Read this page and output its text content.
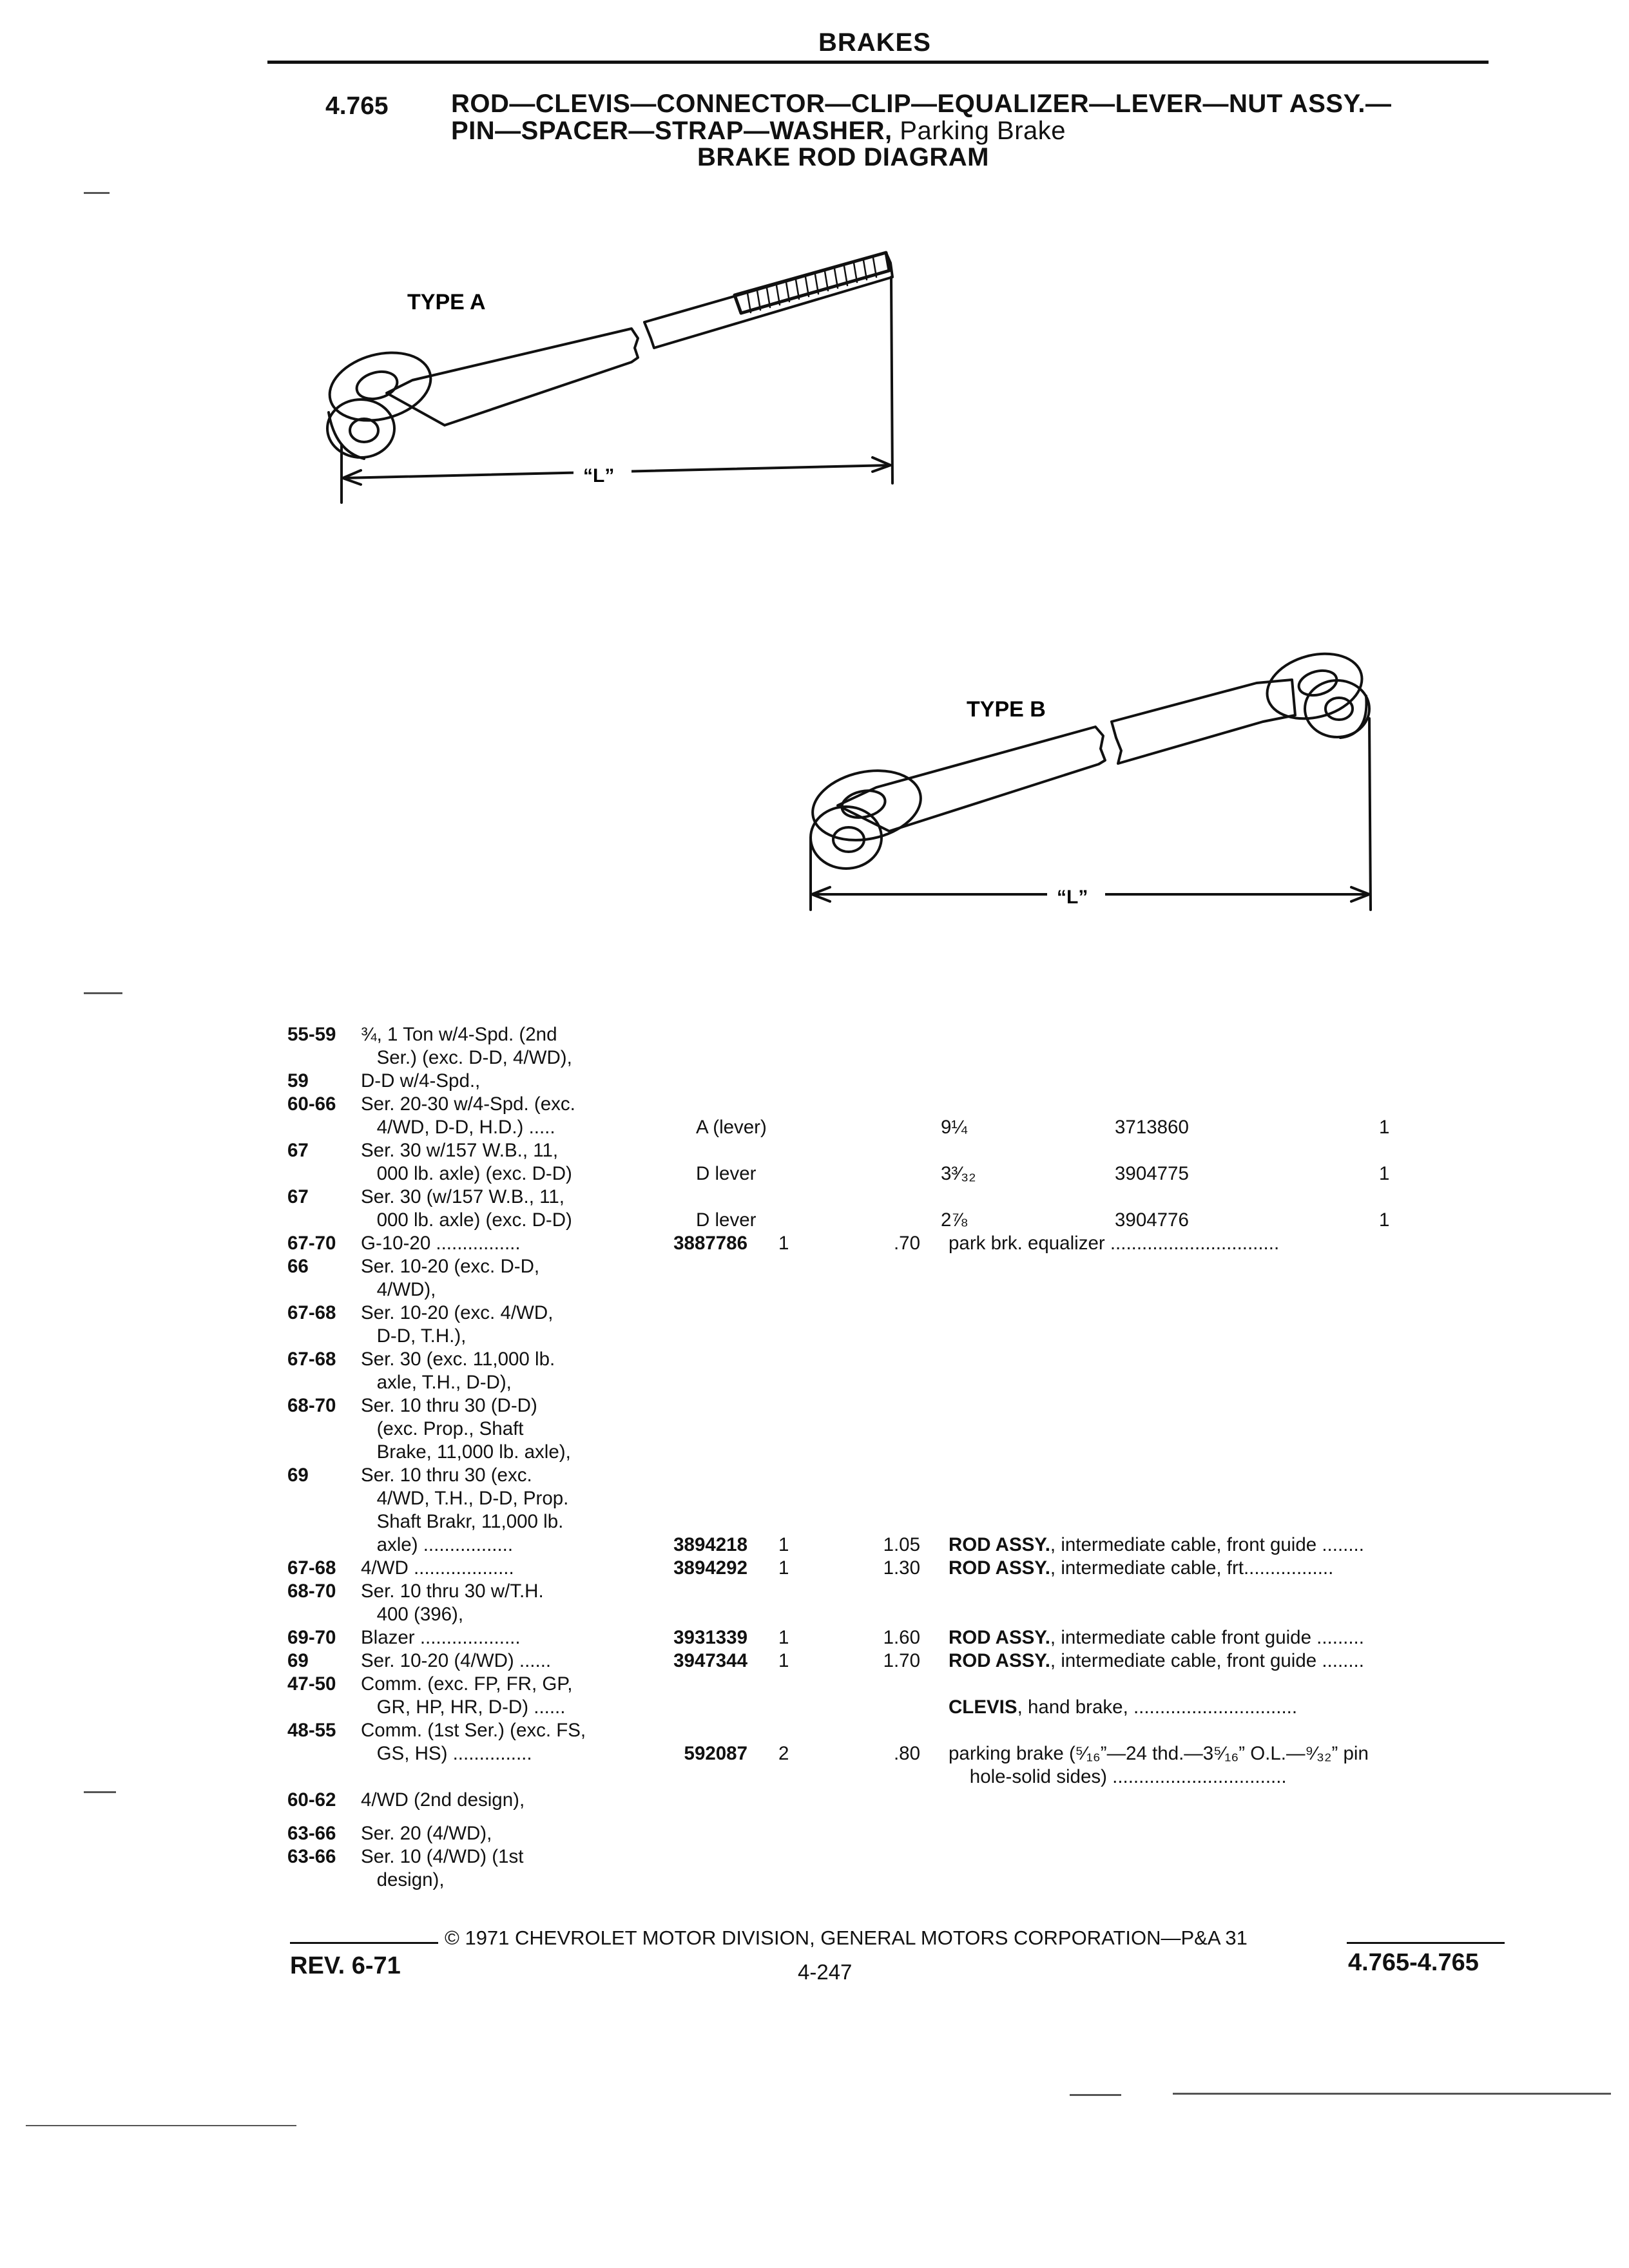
BRAKES
4.765 ROD—CLEVIS—CONNECTOR—CLIP—EQUALIZER—LEVER—NUT ASSY.—
PIN—SPACER—STRAP—WASHER, Parking Brake
BRAKE ROD DIAGRAM
TYPE A
TYPE B
“L”
“L”
55-59 ¾, 1 Ton w/4-Spd. (2nd
Ser.) (exc. D-D, 4/WD),
59	D-D w/4-Spd.,
60-66 Ser. 20-30 w/4-Spd. (exc.
4/WD, D-D, H.D.) .....	A (lever)	9¼	3713860	1
67	Ser. 30 w/157 W.B., 11,
000 lb. axle) (exc. D-D)	D lever	3³⁄₃₂	3904775	1
67	Ser. 30 (w/157 W.B., 11,
000 lb. axle) (exc. D-D)	D lever	2⅞	3904776	1
67-70 G-10-20 ................	3887786 1	.70 park brk. equalizer ................................
66	Ser. 10-20 (exc. D-D,
4/WD),
67-68 Ser. 10-20 (exc. 4/WD,
D-D, T.H.),
67-68 Ser. 30 (exc. 11,000 lb.
axle, T.H., D-D),
68-70 Ser. 10 thru 30 (D-D)
(exc. Prop., Shaft
Brake, 11,000 lb. axle),
69	Ser. 10 thru 30 (exc.
4/WD, T.H., D-D, Prop.
Shaft Brakr, 11,000 lb.
axle) .................	3894218 1	1.05 ROD ASSY., intermediate cable, front guide ........
67-68 4/WD ...................	3894292 1	1.30 ROD ASSY., intermediate cable, frt.................
68-70 Ser. 10 thru 30 w/T.H.
400 (396),
69-70 Blazer ...................	3931339 1	1.60 ROD ASSY., intermediate cable front guide .........
69	Ser. 10-20 (4/WD) ......	3947344 1	1.70 ROD ASSY., intermediate cable, front guide ........
47-50 Comm. (exc. FP, FR, GP,
GR, HP, HR, D-D) ......	CLEVIS, hand brake, ...............................
48-55 Comm. (1st Ser.) (exc. FS,
GS, HS) ...............	592087 2	.80 parking brake (⁵⁄₁₆”—24 thd.—3⁵⁄₁₆” O.L.—⁹⁄₃₂” pin
hole-solid sides) .................................
60-62 4/WD (2nd design),
63-66 Ser. 20 (4/WD),
63-66 Ser. 10 (4/WD) (1st
design),
© 1971 CHEVROLET MOTOR DIVISION, GENERAL MOTORS CORPORATION—P&A 31
REV. 6-71	4-247	4.765-4.765
